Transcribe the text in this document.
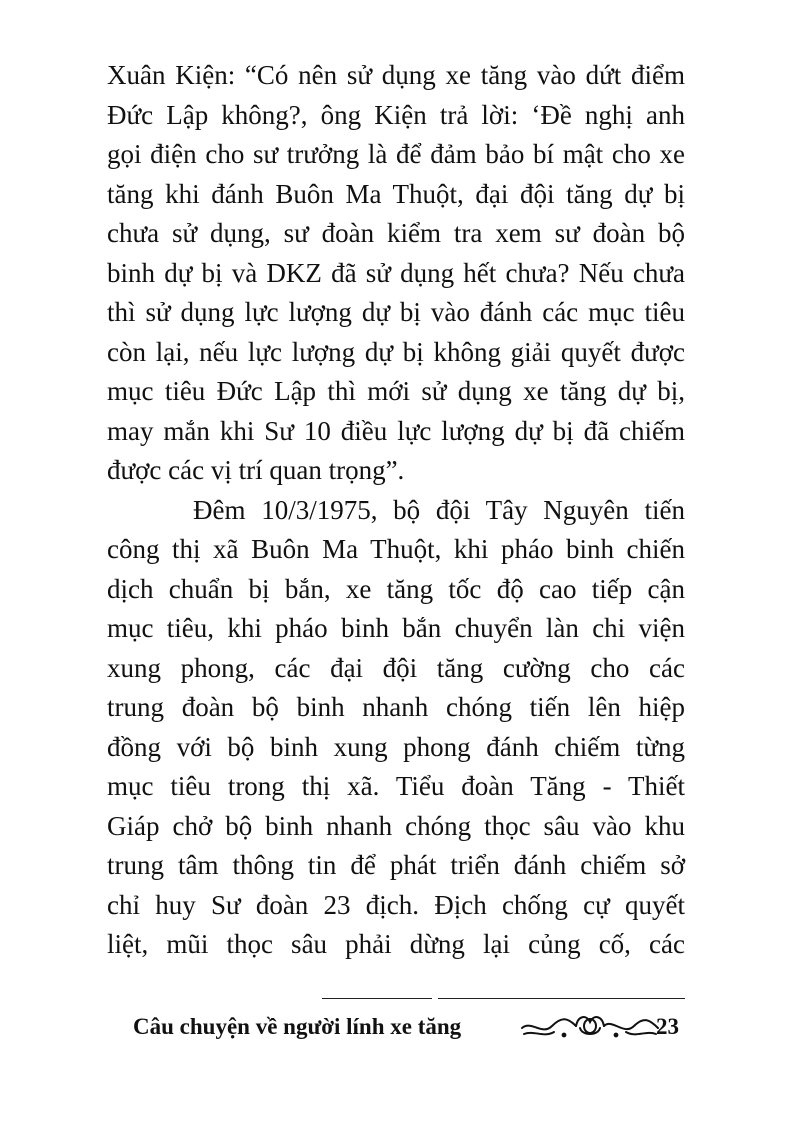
Xuân Kiện: “Có nên sử dụng xe tăng vào dứt điểm
Đức Lập không?, ông Kiện trả lời: ‘Đề nghị anh
gọi điện cho sư trưởng là để đảm bảo bí mật cho xe
tăng khi đánh Buôn Ma Thuột, đại đội tăng dự bị
chưa sử dụng, sư đoàn kiểm tra xem sư đoàn bộ
binh dự bị và DKZ đã sử dụng hết chưa? Nếu chưa
thì sử dụng lực lượng dự bị vào đánh các mục tiêu
còn lại, nếu lực lượng dự bị không giải quyết được
mục tiêu Đức Lập thì mới sử dụng xe tăng dự bị,
may mắn khi Sư 10 điều lực lượng dự bị đã chiếm
được các vị trí quan trọng”.
Đêm 10/3/1975, bộ đội Tây Nguyên tiến
công thị xã Buôn Ma Thuột, khi pháo binh chiến
dịch chuẩn bị bắn, xe tăng tốc độ cao tiếp cận
mục tiêu, khi pháo binh bắn chuyển làn chi viện
xung phong, các đại đội tăng cường cho các
trung đoàn bộ binh nhanh chóng tiến lên hiệp
đồng với bộ binh xung phong đánh chiếm từng
mục tiêu trong thị xã. Tiểu đoàn Tăng - Thiết
Giáp chở bộ binh nhanh chóng thọc sâu vào khu
trung tâm thông tin để phát triển đánh chiếm sở
chỉ huy Sư đoàn 23 địch. Địch chống cự quyết
liệt, mũi thọc sâu phải dừng lại củng cố, các
Câu chuyện về người lính xe tăng	23
